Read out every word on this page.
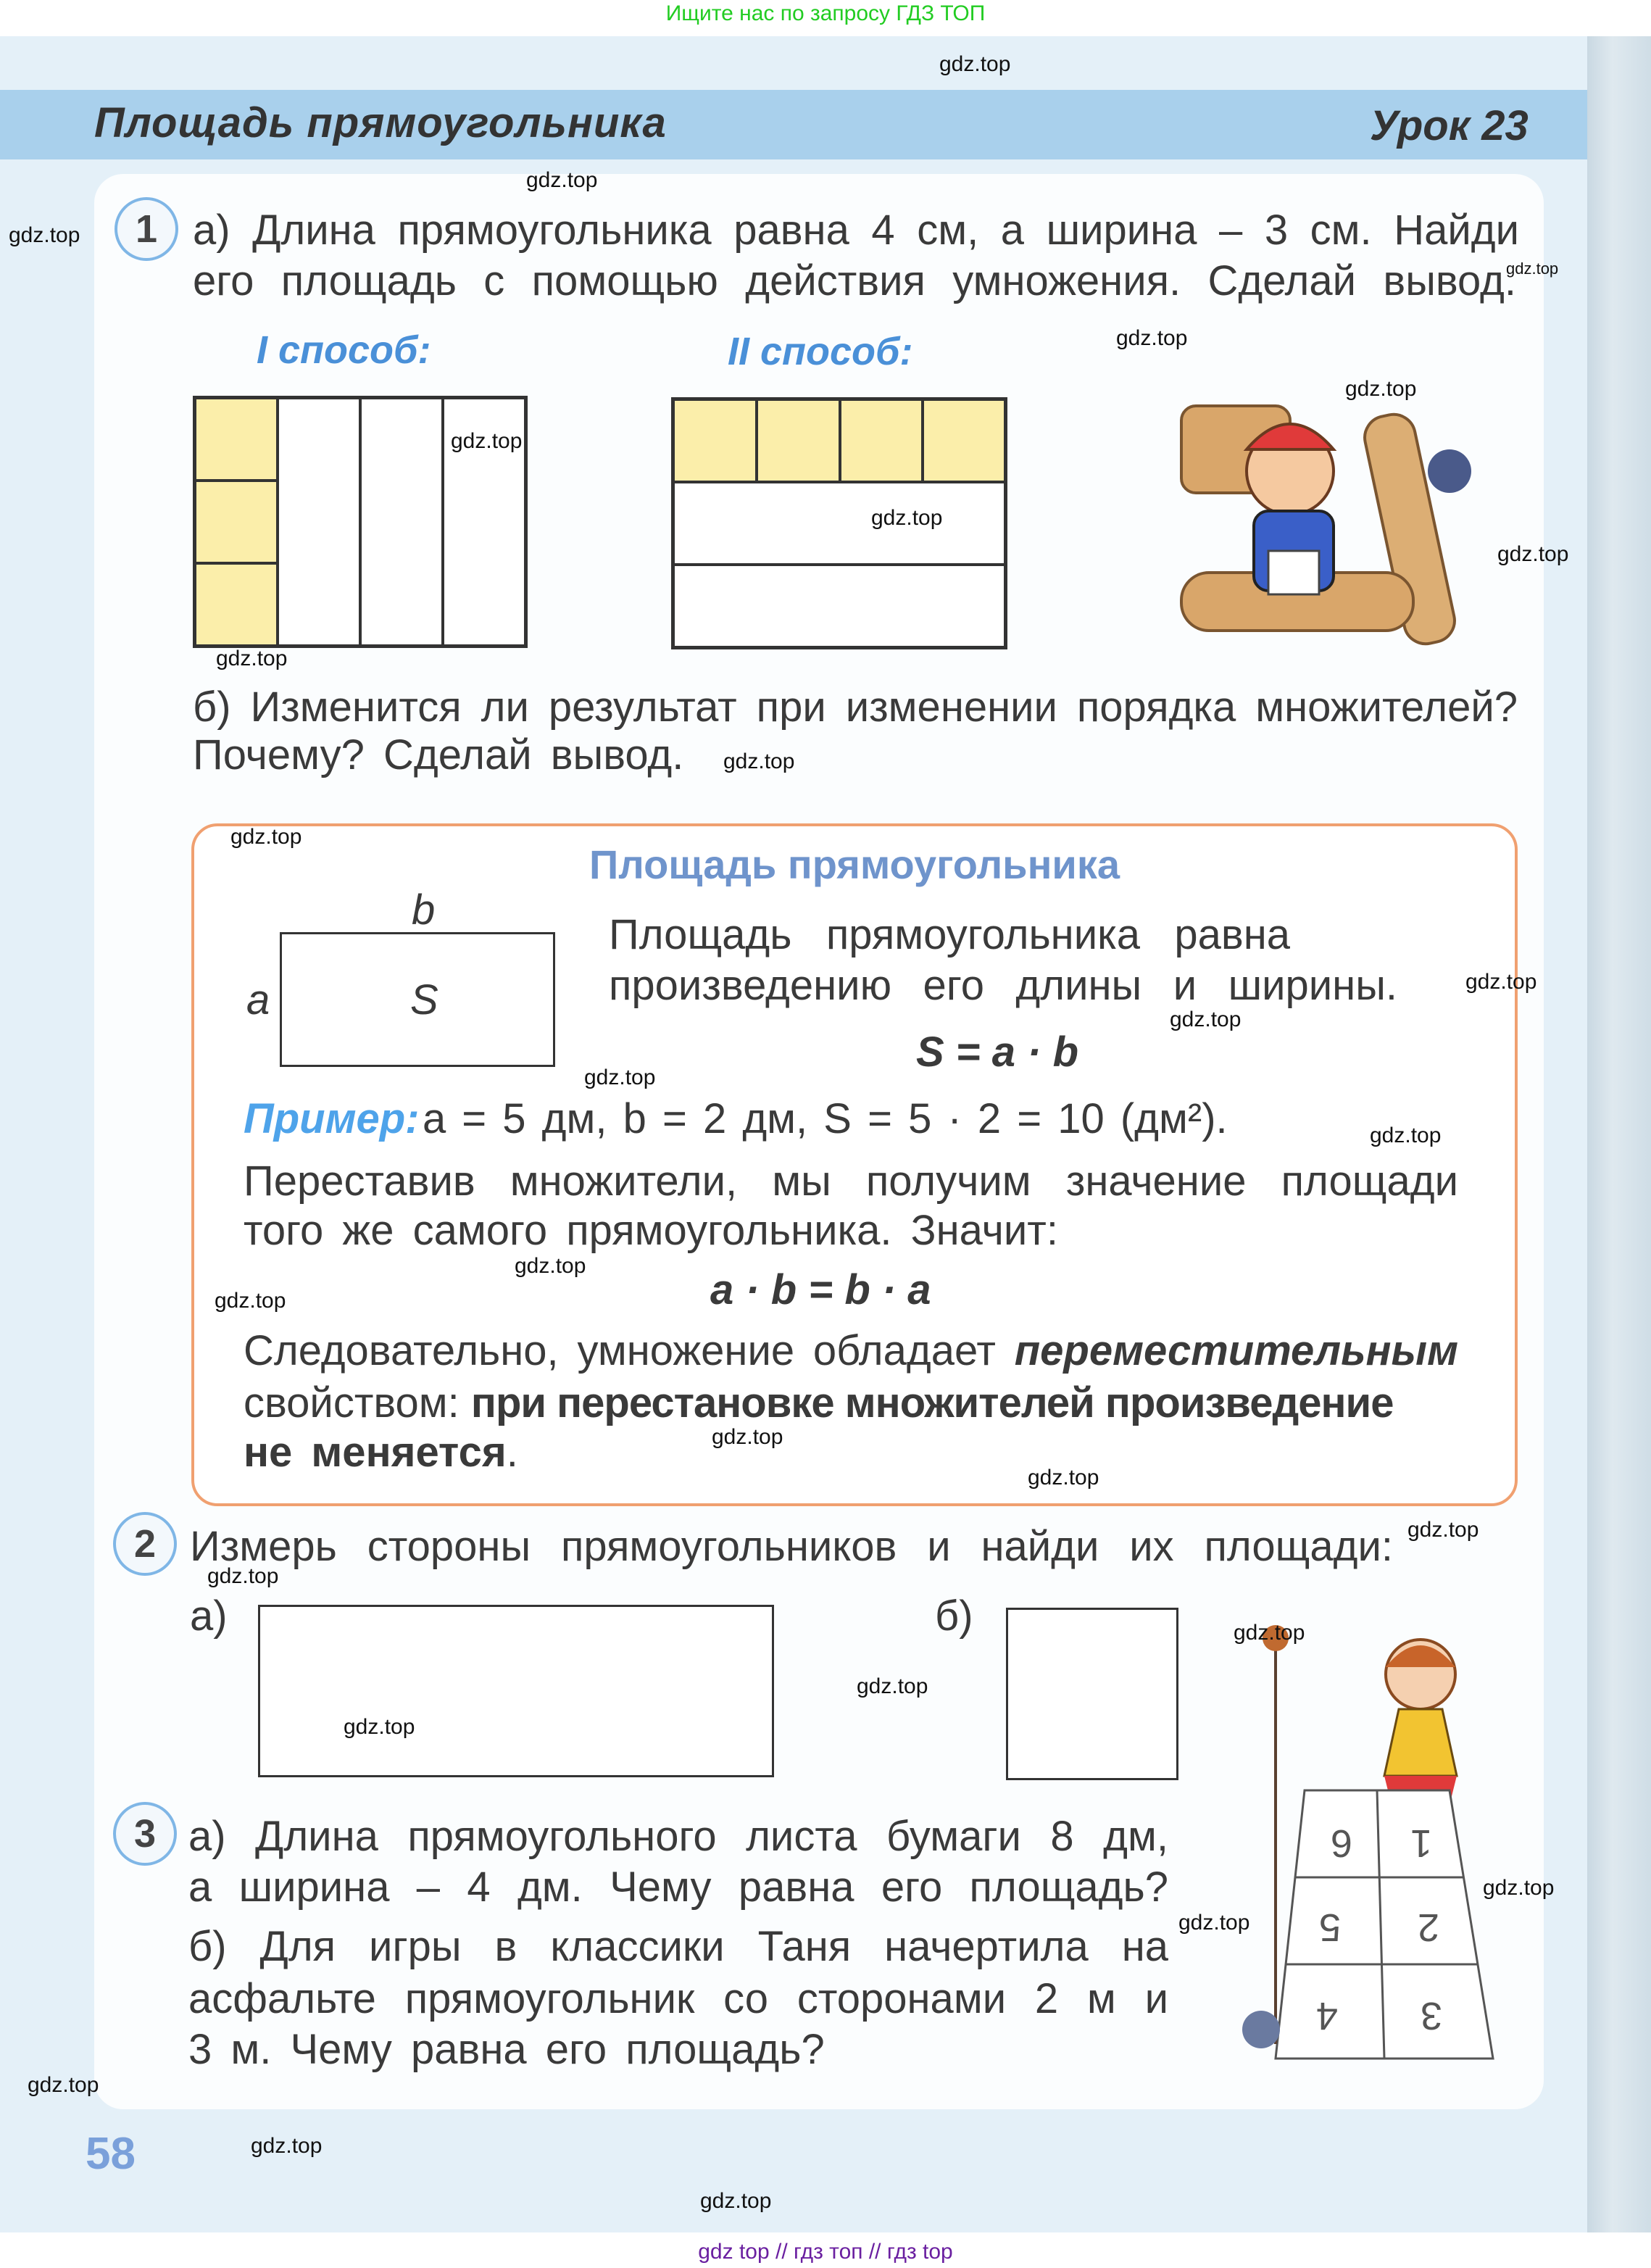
Ищите нас по запросу ГДЗ ТОП
Площадь прямоугольника	Урок 23
1 а) Длина прямоугольника равна 4 см, а ширина – 3 см. Найди
его площадь с помощью действия умножения. Сделай вывод.
I способ:	II способ:
б) Изменится ли результат при изменении порядка множителей?
Почему? Сделай вывод.
Площадь прямоугольника
b
a	S
Площадь прямоугольника равна
произведению его длины и ширины.
S = a · b
Пример: a = 5 дм, b = 2 дм, S = 5 · 2 = 10 (дм²).
Переставив множители, мы получим значение площади
того же самого прямоугольника. Значит:
a · b = b · a
Следовательно, умножение обладает переместительным
свойством: при перестановке множителей произведение
не меняется.
2 Измерь стороны прямоугольников и найди их площади:
а)	б)
3 а) Длина прямоугольного листа бумаги 8 дм,
а ширина – 4 дм. Чему равна его площадь?
б) Для игры в классики Таня начертила на
асфальте прямоугольник со сторонами 2 м и
3 м. Чему равна его площадь?
6 1
5 2
4 3
58
gdz.top
gdz.top
gdz.top
gdz.top
gdz.top
gdz.top
gdz.top
gdz.top
gdz.top
gdz.top
gdz.top
gdz.top
gdz.top
gdz.top
gdz.top
gdz.top
gdz.top
gdz.top
gdz.top
gdz.top
gdz.top
gdz.top
gdz.top
gdz.top
gdz.top
gdz.top
gdz.top
gdz.top
gdz.top
gdz.top
gdz top // гдз топ // гдз top
